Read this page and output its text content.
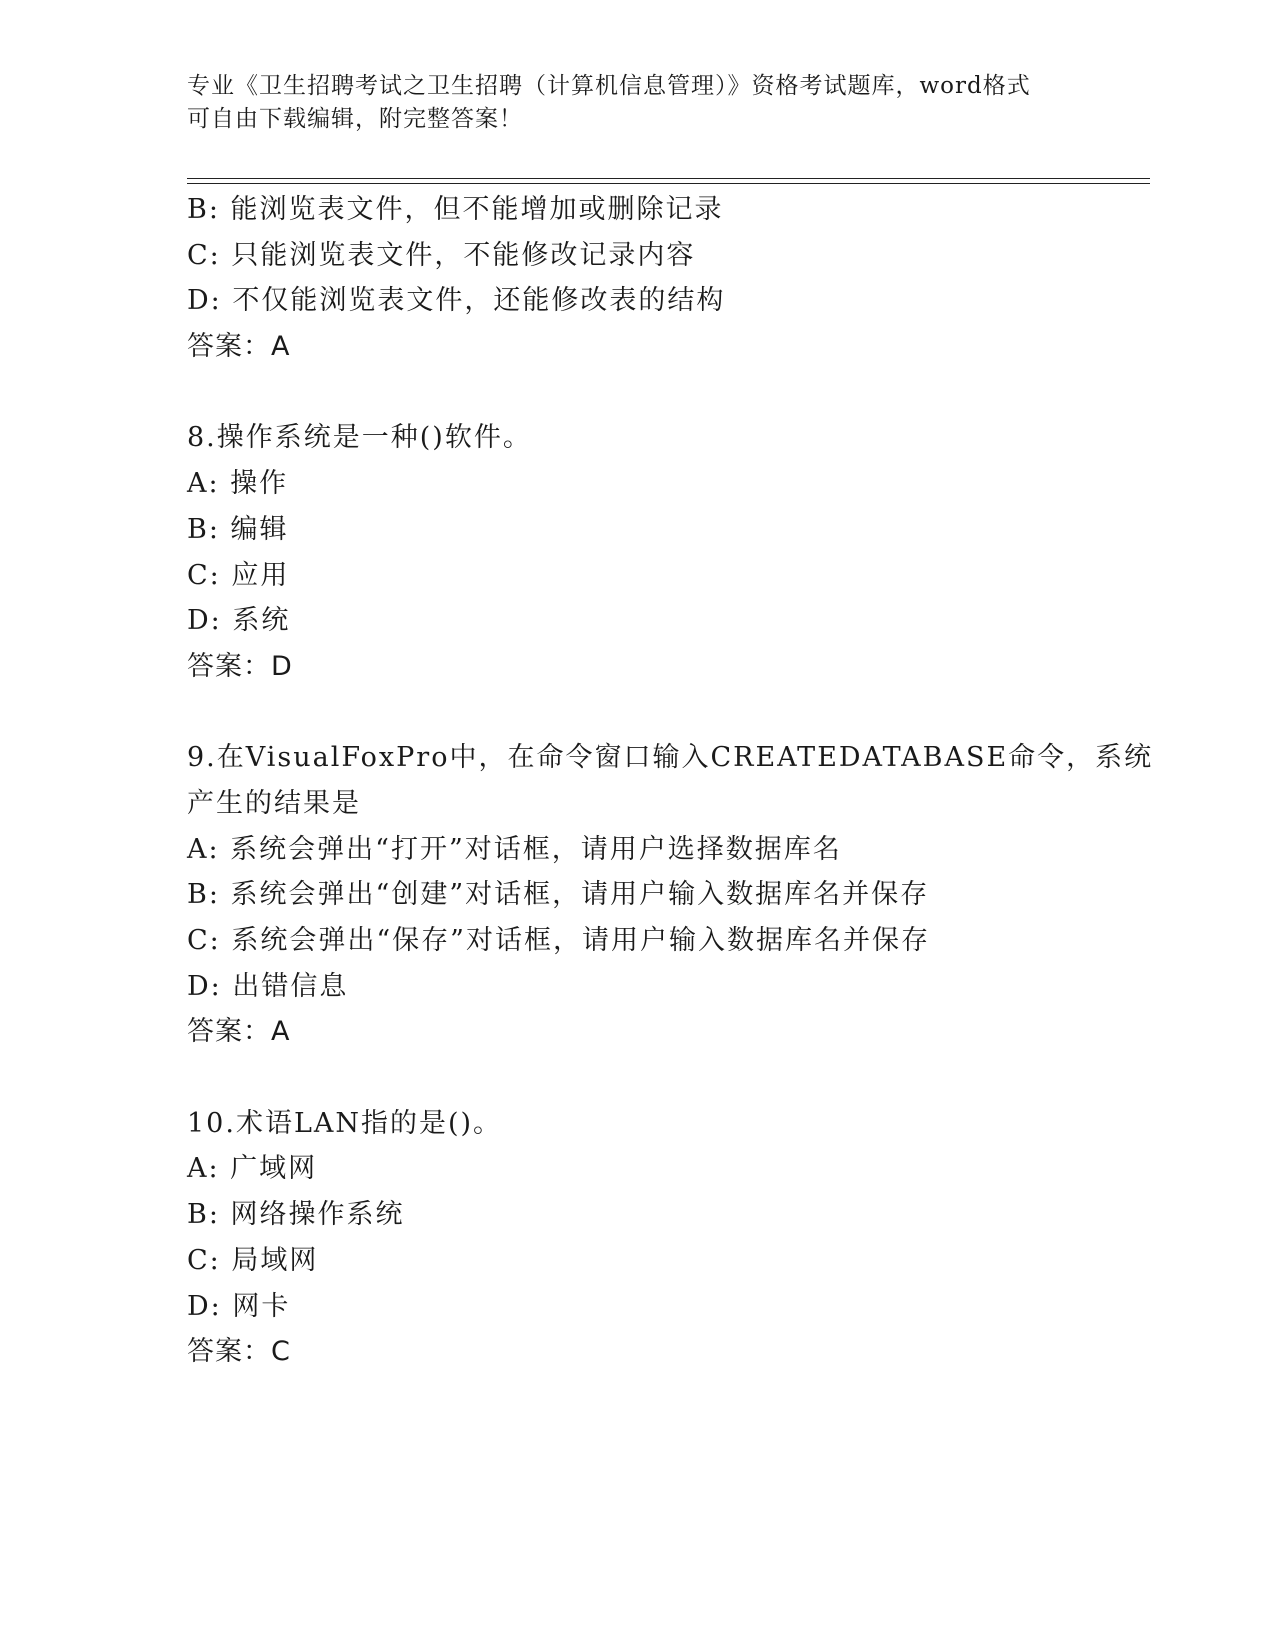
专业《卫生招聘考试之卫生招聘（计算机信息管理）》资格考试题库，word格式
可自由下载编辑，附完整答案！
B: 能浏览表文件，但不能增加或删除记录
C: 只能浏览表文件，不能修改记录内容
D: 不仅能浏览表文件，还能修改表的结构
答案：A
8.操作系统是一种()软件。
A: 操作
B: 编辑
C: 应用
D: 系统
答案：D
9.在VisualFoxPro中，在命令窗口输入CREATEDATABASE命令，系统
产生的结果是
A: 系统会弹出“打开”对话框，请用户选择数据库名
B: 系统会弹出“创建”对话框，请用户输入数据库名并保存
C: 系统会弹出“保存”对话框，请用户输入数据库名并保存
D: 出错信息
答案：A
10.术语LAN指的是()。
A: 广域网
B: 网络操作系统
C: 局域网
D: 网卡
答案：C
